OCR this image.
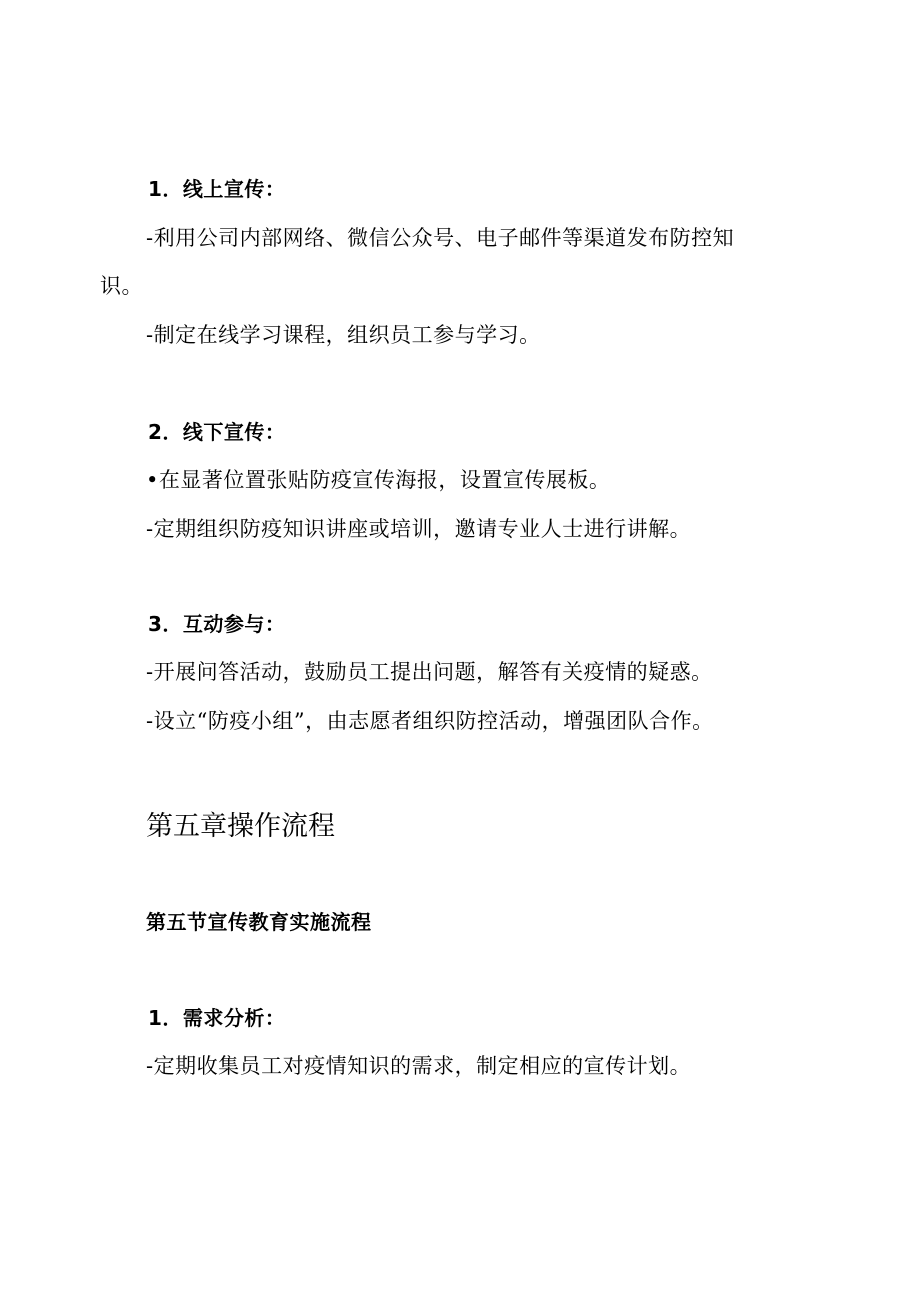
1．线上宣传：
-利用公司内部网络、微信公众号、电子邮件等渠道发布防控知
识。
-制定在线学习课程，组织员工参与学习。
2．线下宣传：
•在显著位置张贴防疫宣传海报，设置宣传展板。
-定期组织防疫知识讲座或培训，邀请专业人士进行讲解。
3．互动参与：
-开展问答活动，鼓励员工提出问题，解答有关疫情的疑惑。
-设立“防疫小组”，由志愿者组织防控活动，增强团队合作。
第五章操作流程
第五节宣传教育实施流程
1．需求分析：
-定期收集员工对疫情知识的需求，制定相应的宣传计划。
